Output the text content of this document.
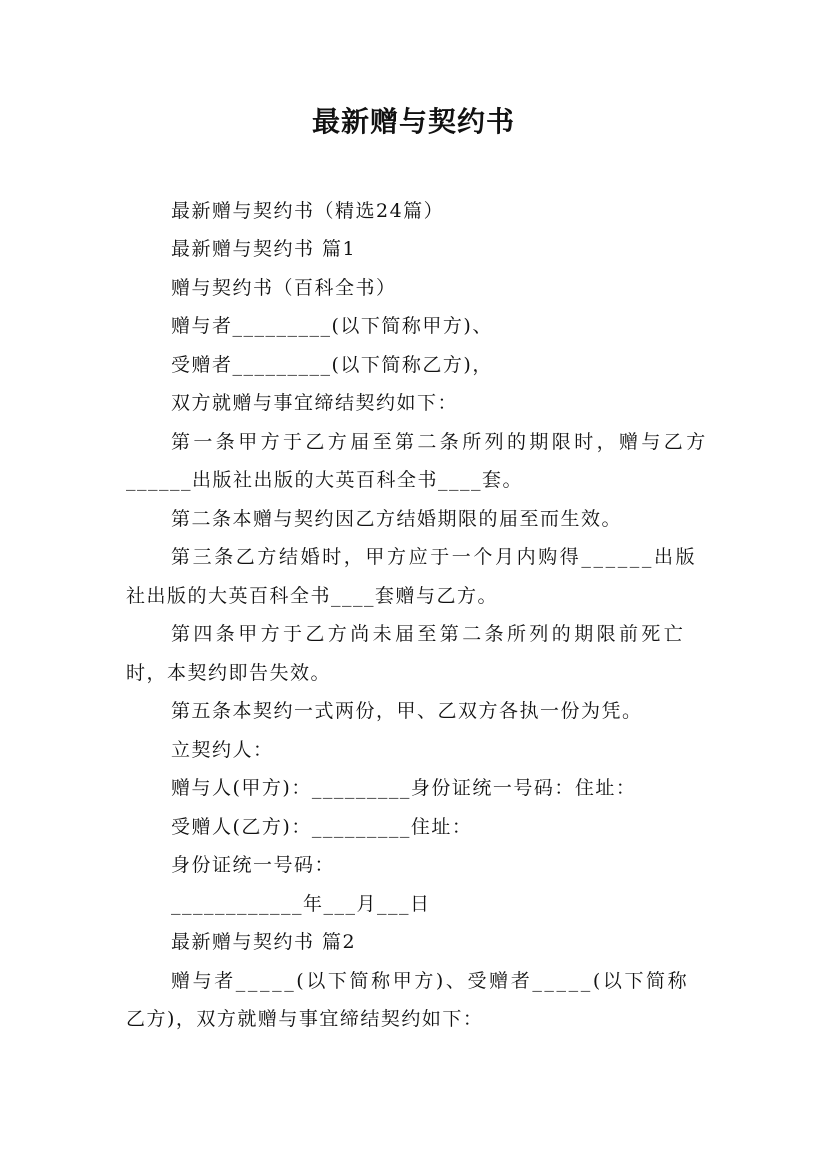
最新赠与契约书

最新赠与契约书（精选24篇）

最新赠与契约书 篇1

赠与契约书（百科全书）

赠与者_________(以下简称甲方)、

受赠者_________(以下简称乙方)，

双方就赠与事宜缔结契约如下：

第一条甲方于乙方届至第二条所列的期限时，赠与乙方

______出版社出版的大英百科全书____套。

第二条本赠与契约因乙方结婚期限的届至而生效。

第三条乙方结婚时，甲方应于一个月内购得______出版

社出版的大英百科全书____套赠与乙方。

第四条甲方于乙方尚未届至第二条所列的期限前死亡

时，本契约即告失效。

第五条本契约一式两份，甲、乙双方各执一份为凭。

立契约人：

赠与人(甲方)：_________身份证统一号码：住址：

受赠人(乙方)：_________住址：

身份证统一号码：

____________年___月___日

最新赠与契约书 篇2

赠与者_____(以下简称甲方)、受赠者_____(以下简称

乙方)，双方就赠与事宜缔结契约如下：
